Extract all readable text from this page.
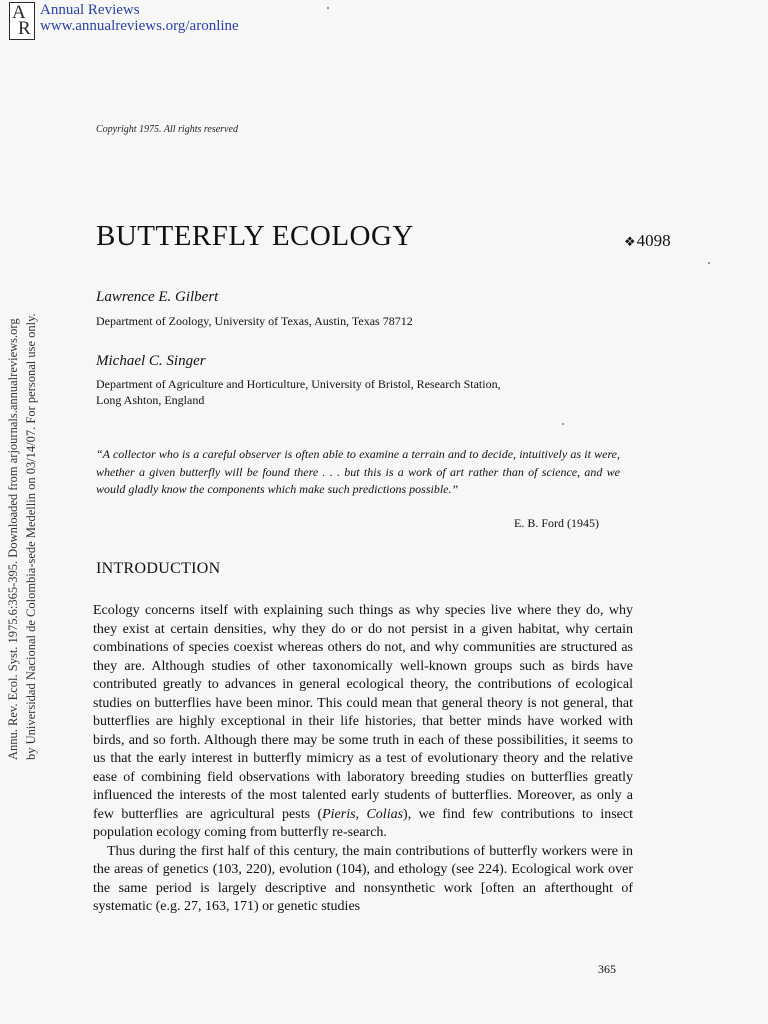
A
R
Annual Reviews
www.annualreviews.org/aronline
Annu. Rev. Ecol. Syst. 1975.6:365-395. Downloaded from arjournals.annualreviews.org by Universidad Nacional de Colombia-sede Medellin on 03/14/07. For personal use only.
Copyright 1975. All rights reserved
BUTTERFLY ECOLOGY	❖4098
Lawrence E. Gilbert
Department of Zoology, University of Texas, Austin, Texas 78712
Michael C. Singer
Department of Agriculture and Horticulture, University of Bristol, Research Station,
Long Ashton, England
“A collector who is a careful observer is often able to examine a terrain and to decide, intuitively as it were, whether a given butterfly will be found there . . . but this is a work of art rather than of science, and we would gladly know the components which make such predictions possible.”
E. B. Ford (1945)
INTRODUCTION

Ecology concerns itself with explaining such things as why species live where they do, why they exist at certain densities, why they do or do not persist in a given habitat, why certain combinations of species coexist whereas others do not, and why communities are structured as they are. Although studies of other taxonomically well-known groups such as birds have contributed greatly to advances in general ecological theory, the contributions of ecological studies on butterflies have been minor. This could mean that general theory is not general, that butterflies are highly exceptional in their life histories, that better minds have worked with birds, and so forth. Although there may be some truth in each of these possibilities, it seems to us that the early interest in butterfly mimicry as a test of evolutionary theory and the relative ease of combining field observations with laboratory breeding studies on butterflies greatly influenced the interests of the most talented early students of butterflies. Moreover, as only a few butterflies are agricultural pests (Pieris, Colias), we find few contributions to insect population ecology coming from butterfly re-search.

Thus during the first half of this century, the main contributions of butterfly workers were in the areas of genetics (103, 220), evolution (104), and ethology (see 224). Ecological work over the same period is largely descriptive and nonsynthetic work [often an afterthought of systematic (e.g. 27, 163, 171) or genetic studies

365
